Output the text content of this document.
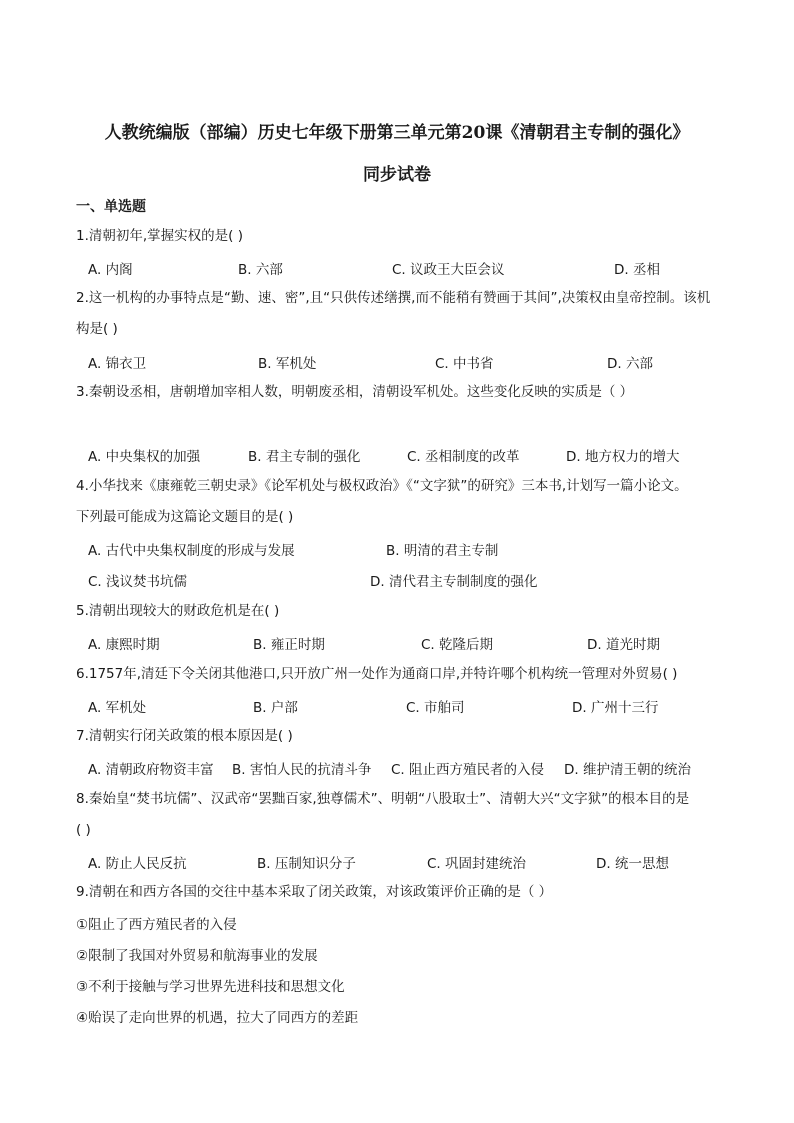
人教统编版（部编）历史七年级下册第三单元第20课《清朝君主专制的强化》
同步试卷
一、单选题
1.清朝初年,掌握实权的是( )
A. 内阁	B. 六部	C. 议政王大臣会议	D. 丞相
2.这一机构的办事特点是“勤、速、密”,且“只供传述缮撰,而不能稍有赞画于其间”,决策权由皇帝控制。该机
构是( )
A. 锦衣卫	B. 军机处	C. 中书省	D. 六部
3.秦朝设丞相，唐朝增加宰相人数，明朝废丞相，清朝设军机处。这些变化反映的实质是（ ）
A. 中央集权的加强	B. 君主专制的强化	C. 丞相制度的改革	D. 地方权力的增大
4.小华找来《康雍乾三朝史录》《论军机处与极权政治》《“文字狱”的研究》三本书,计划写一篇小论文。
下列最可能成为这篇论文题目的是( )
A. 古代中央集权制度的形成与发展	B. 明清的君主专制
C. 浅议焚书坑儒	D. 清代君主专制制度的强化
5.清朝出现较大的财政危机是在( )
A. 康熙时期	B. 雍正时期	C. 乾隆后期	D. 道光时期
6.1757年,清廷下令关闭其他港口,只开放广州一处作为通商口岸,并特许哪个机构统一管理对外贸易( )
A. 军机处	B. 户部	C. 市舶司	D. 广州十三行
7.清朝实行闭关政策的根本原因是( )
A. 清朝政府物资丰富 B. 害怕人民的抗清斗争 C. 阻止西方殖民者的入侵 D. 维护清王朝的统治
8.秦始皇“焚书坑儒”、汉武帝“罢黜百家,独尊儒术”、明朝“八股取士”、清朝大兴“文字狱”的根本目的是
( )
A. 防止人民反抗	B. 压制知识分子	C. 巩固封建统治	D. 统一思想
9.清朝在和西方各国的交往中基本采取了闭关政策，对该政策评价正确的是（ ）
①阻止了西方殖民者的入侵
②限制了我国对外贸易和航海事业的发展
③不利于接触与学习世界先进科技和思想文化
④贻误了走向世界的机遇，拉大了同西方的差距
